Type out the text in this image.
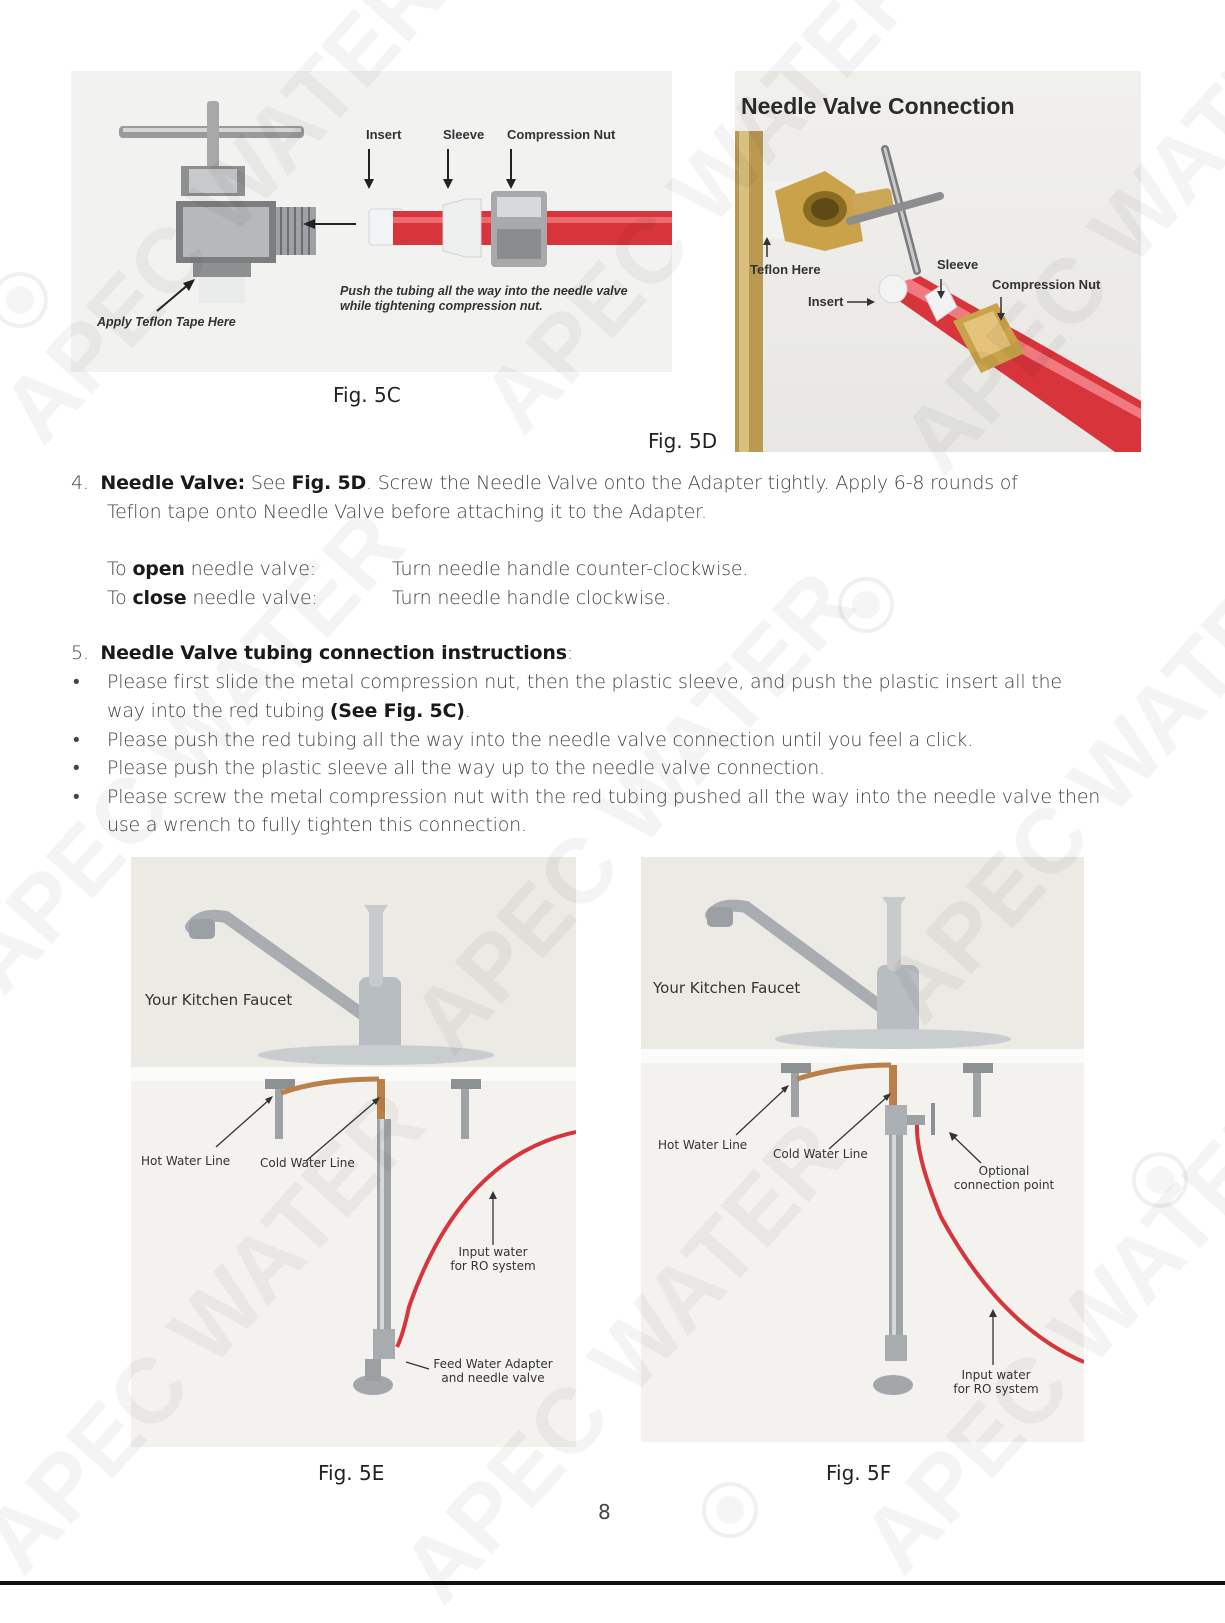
Insert	Sleeve Compression Nut
Push the tubing all the way into the needle valve while tightening compression nut.
Apply Teflon Tape Here
Fig. 5C
Needle Valve Connection
Teflon Here	Sleeve
Compression Nut
Insert
Fig. 5D
4. Needle Valve: See Fig. 5D. Screw the Needle Valve onto the Adapter tightly. Apply 6-8 rounds of
Teflon tape onto Needle Valve before attaching it to the Adapter.
To open needle valve:	Turn needle handle counter-clockwise.
To close needle valve:	Turn needle handle clockwise.
5. Needle Valve tubing connection instructions:
• Please first slide the metal compression nut, then the plastic sleeve, and push the plastic insert all the
way into the red tubing (See Fig. 5C).
• Please push the red tubing all the way into the needle valve connection until you feel a click.
• Please push the plastic sleeve all the way up to the needle valve connection.
• Please screw the metal compression nut with the red tubing pushed all the way into the needle valve then
use a wrench to fully tighten this connection.
Your Kitchen Faucet
Hot Water Line Cold Water Line
Input water
for RO system
Feed Water Adapter
and needle valve
Fig. 5E
Your Kitchen Faucet
Hot Water Line
Cold Water Line
Optional
connection point
Input water
for RO system
Fig. 5F
8
